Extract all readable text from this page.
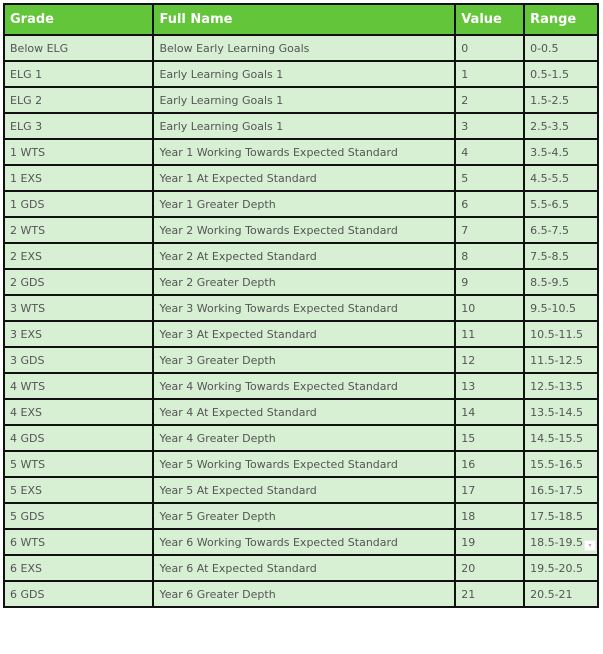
Grade	Full Name	Value	Range
Below ELG	Below Early Learning Goals	0	0-0.5
ELG 1	Early Learning Goals 1	1	0.5-1.5
ELG 2	Early Learning Goals 1	2	1.5-2.5
ELG 3	Early Learning Goals 1	3	2.5-3.5
1 WTS	Year 1 Working Towards Expected Standard	4	3.5-4.5
1 EXS	Year 1 At Expected Standard	5	4.5-5.5
1 GDS	Year 1 Greater Depth	6	5.5-6.5
2 WTS	Year 2 Working Towards Expected Standard	7	6.5-7.5
2 EXS	Year 2 At Expected Standard	8	7.5-8.5
2 GDS	Year 2 Greater Depth	9	8.5-9.5
3 WTS	Year 3 Working Towards Expected Standard	10	9.5-10.5
3 EXS	Year 3 At Expected Standard	11	10.5-11.5
3 GDS	Year 3 Greater Depth	12	11.5-12.5
4 WTS	Year 4 Working Towards Expected Standard	13	12.5-13.5
4 EXS	Year 4 At Expected Standard	14	13.5-14.5
4 GDS	Year 4 Greater Depth	15	14.5-15.5
5 WTS	Year 5 Working Towards Expected Standard	16	15.5-16.5
5 EXS	Year 5 At Expected Standard	17	16.5-17.5
5 GDS	Year 5 Greater Depth	18	17.5-18.5
6 WTS	Year 6 Working Towards Expected Standard	19	18.5-19.5
6 EXS	Year 6 At Expected Standard	20	19.5-20.5
6 GDS	Year 6 Greater Depth	21	20.5-21
▾
